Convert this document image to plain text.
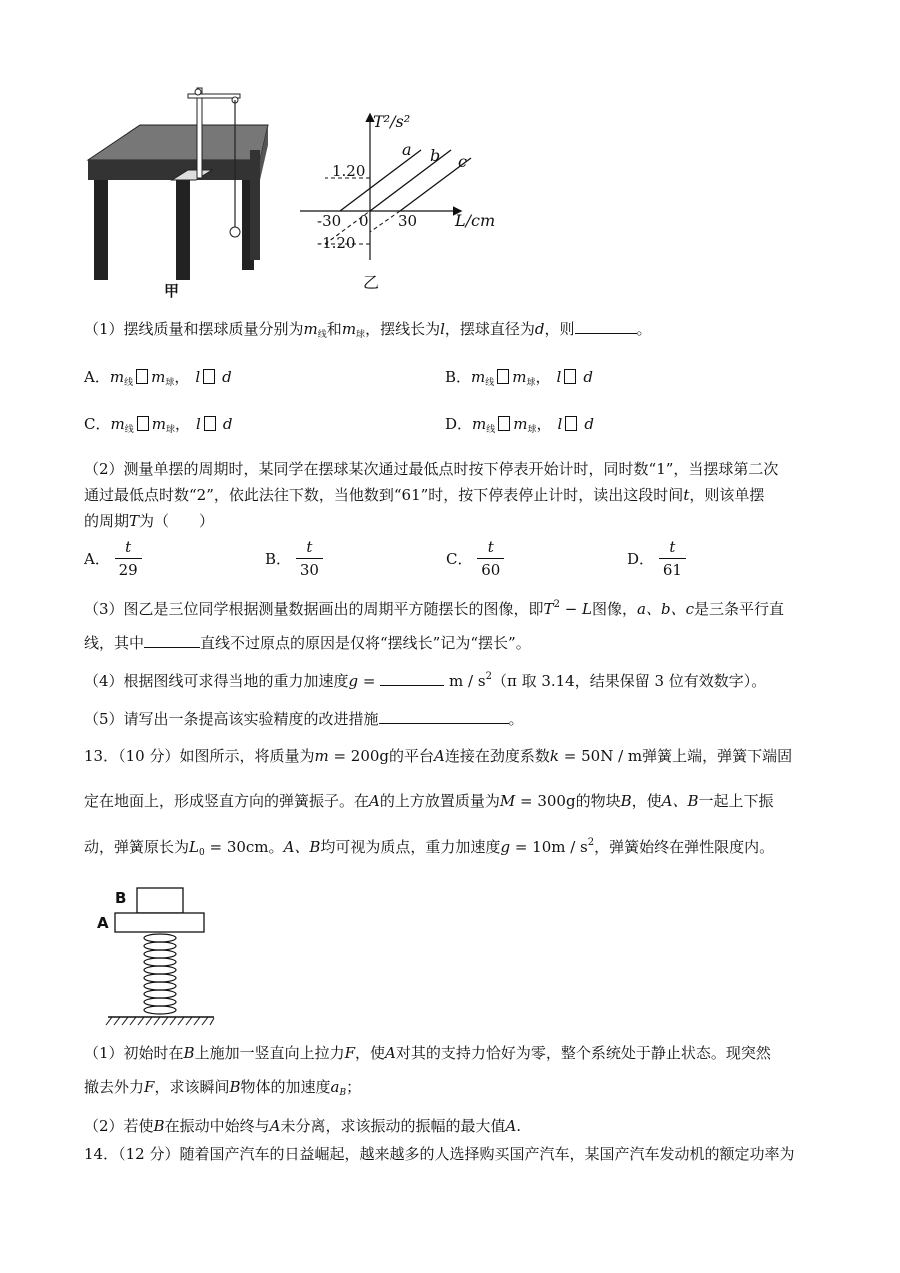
甲
T²/s²
L/cm
1.20
-1.20
-30 0 30
a b c
乙
（1）摆线质量和摆球质量分别为$m_线$和$m_球$，摆线长为l，摆球直径为d，则	。
A．$m_线$ $m_球$， l d	B．$m_线$ $m_球$， l d
C．$m_线$ $m_球$， l d	D．$m_线$ $m_球$， l d
（2）测量单摆的周期时，某同学在摆球某次通过最低点时按下停表开始计时，同时数“1”，当摆球第二次
通过最低点时数“2”，依此法往下数，当他数到“61”时，按下停表停止计时，读出这段时间t，则该单摆
的周期T为（　　）
A． $\frac{t}{29}$	B． $\frac{t}{30}$	C． $\frac{t}{60}$	D． $\frac{t}{61}$
（3）图乙是三位同学根据测量数据画出的周期平方随摆长的图像，即$T^2 - L$图像，a、b、c是三条平行直
线，其中	直线不过原点的原因是仅将“摆线长”记为“摆长”。
（4）根据图线可求得当地的重力加速度g =	m / $s^2(\pi$ 取 3.14，结果保留 3 位有效数字）。
（5）请写出一条提高该实验精度的改进措施	。
13．（10 分）如图所示，将质量为m = 200g的平台A连接在劲度系数k = 50N / m弹簧上端，弹簧下端固
定在地面上，形成竖直方向的弹簧振子。在A的上方放置质量为M = 300g的物块B，使A、B一起上下振
动，弹簧原长为$L_0 = 30cm$。A、B均可视为质点，重力加速度$g = 10m / s^2$，弹簧始终在弹性限度内。
B
A
（1）初始时在B上施加一竖直向上拉力F，使A对其的支持力恰好为零，整个系统处于静止状态。现突然
撤去外力F，求该瞬间B物体的加速度$a_B$；
（2）若使B在振动中始终与A未分离，求该振动的振幅的最大值A.
14．（12 分）随着国产汽车的日益崛起，越来越多的人选择购买国产汽车，某国产汽车发动机的额定功率为
